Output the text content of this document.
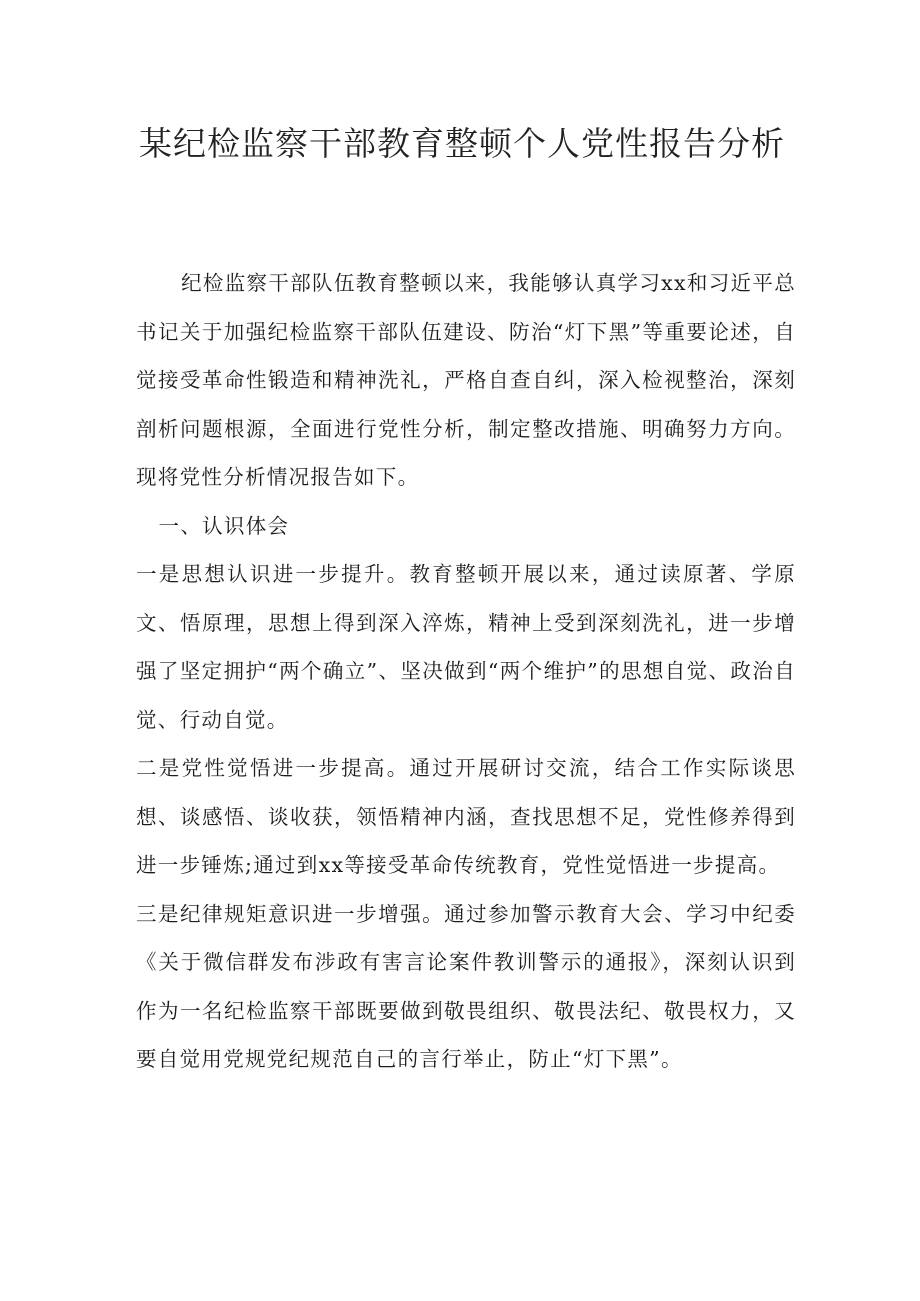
某纪检监察干部教育整顿个人党性报告分析

纪检监察干部队伍教育整顿以来，我能够认真学习xx和习近平总书记关于加强纪检监察干部队伍建设、防治“灯下黑”等重要论述，自觉接受革命性锻造和精神洗礼，严格自查自纠，深入检视整治，深刻剖析问题根源，全面进行党性分析，制定整改措施、明确努力方向。现将党性分析情况报告如下。

一、认识体会

一是思想认识进一步提升。教育整顿开展以来，通过读原著、学原文、悟原理，思想上得到深入淬炼，精神上受到深刻洗礼，进一步增强了坚定拥护“两个确立”、坚决做到“两个维护”的思想自觉、政治自觉、行动自觉。

二是党性觉悟进一步提高。通过开展研讨交流，结合工作实际谈思想、谈感悟、谈收获，领悟精神内涵，查找思想不足，党性修养得到进一步锤炼;通过到xx等接受革命传统教育，党性觉悟进一步提高。

三是纪律规矩意识进一步增强。通过参加警示教育大会、学习中纪委《关于微信群发布涉政有害言论案件教训警示的通报》，深刻认识到作为一名纪检监察干部既要做到敬畏组织、敬畏法纪、敬畏权力，又要自觉用党规党纪规范自己的言行举止，防止“灯下黑”。
